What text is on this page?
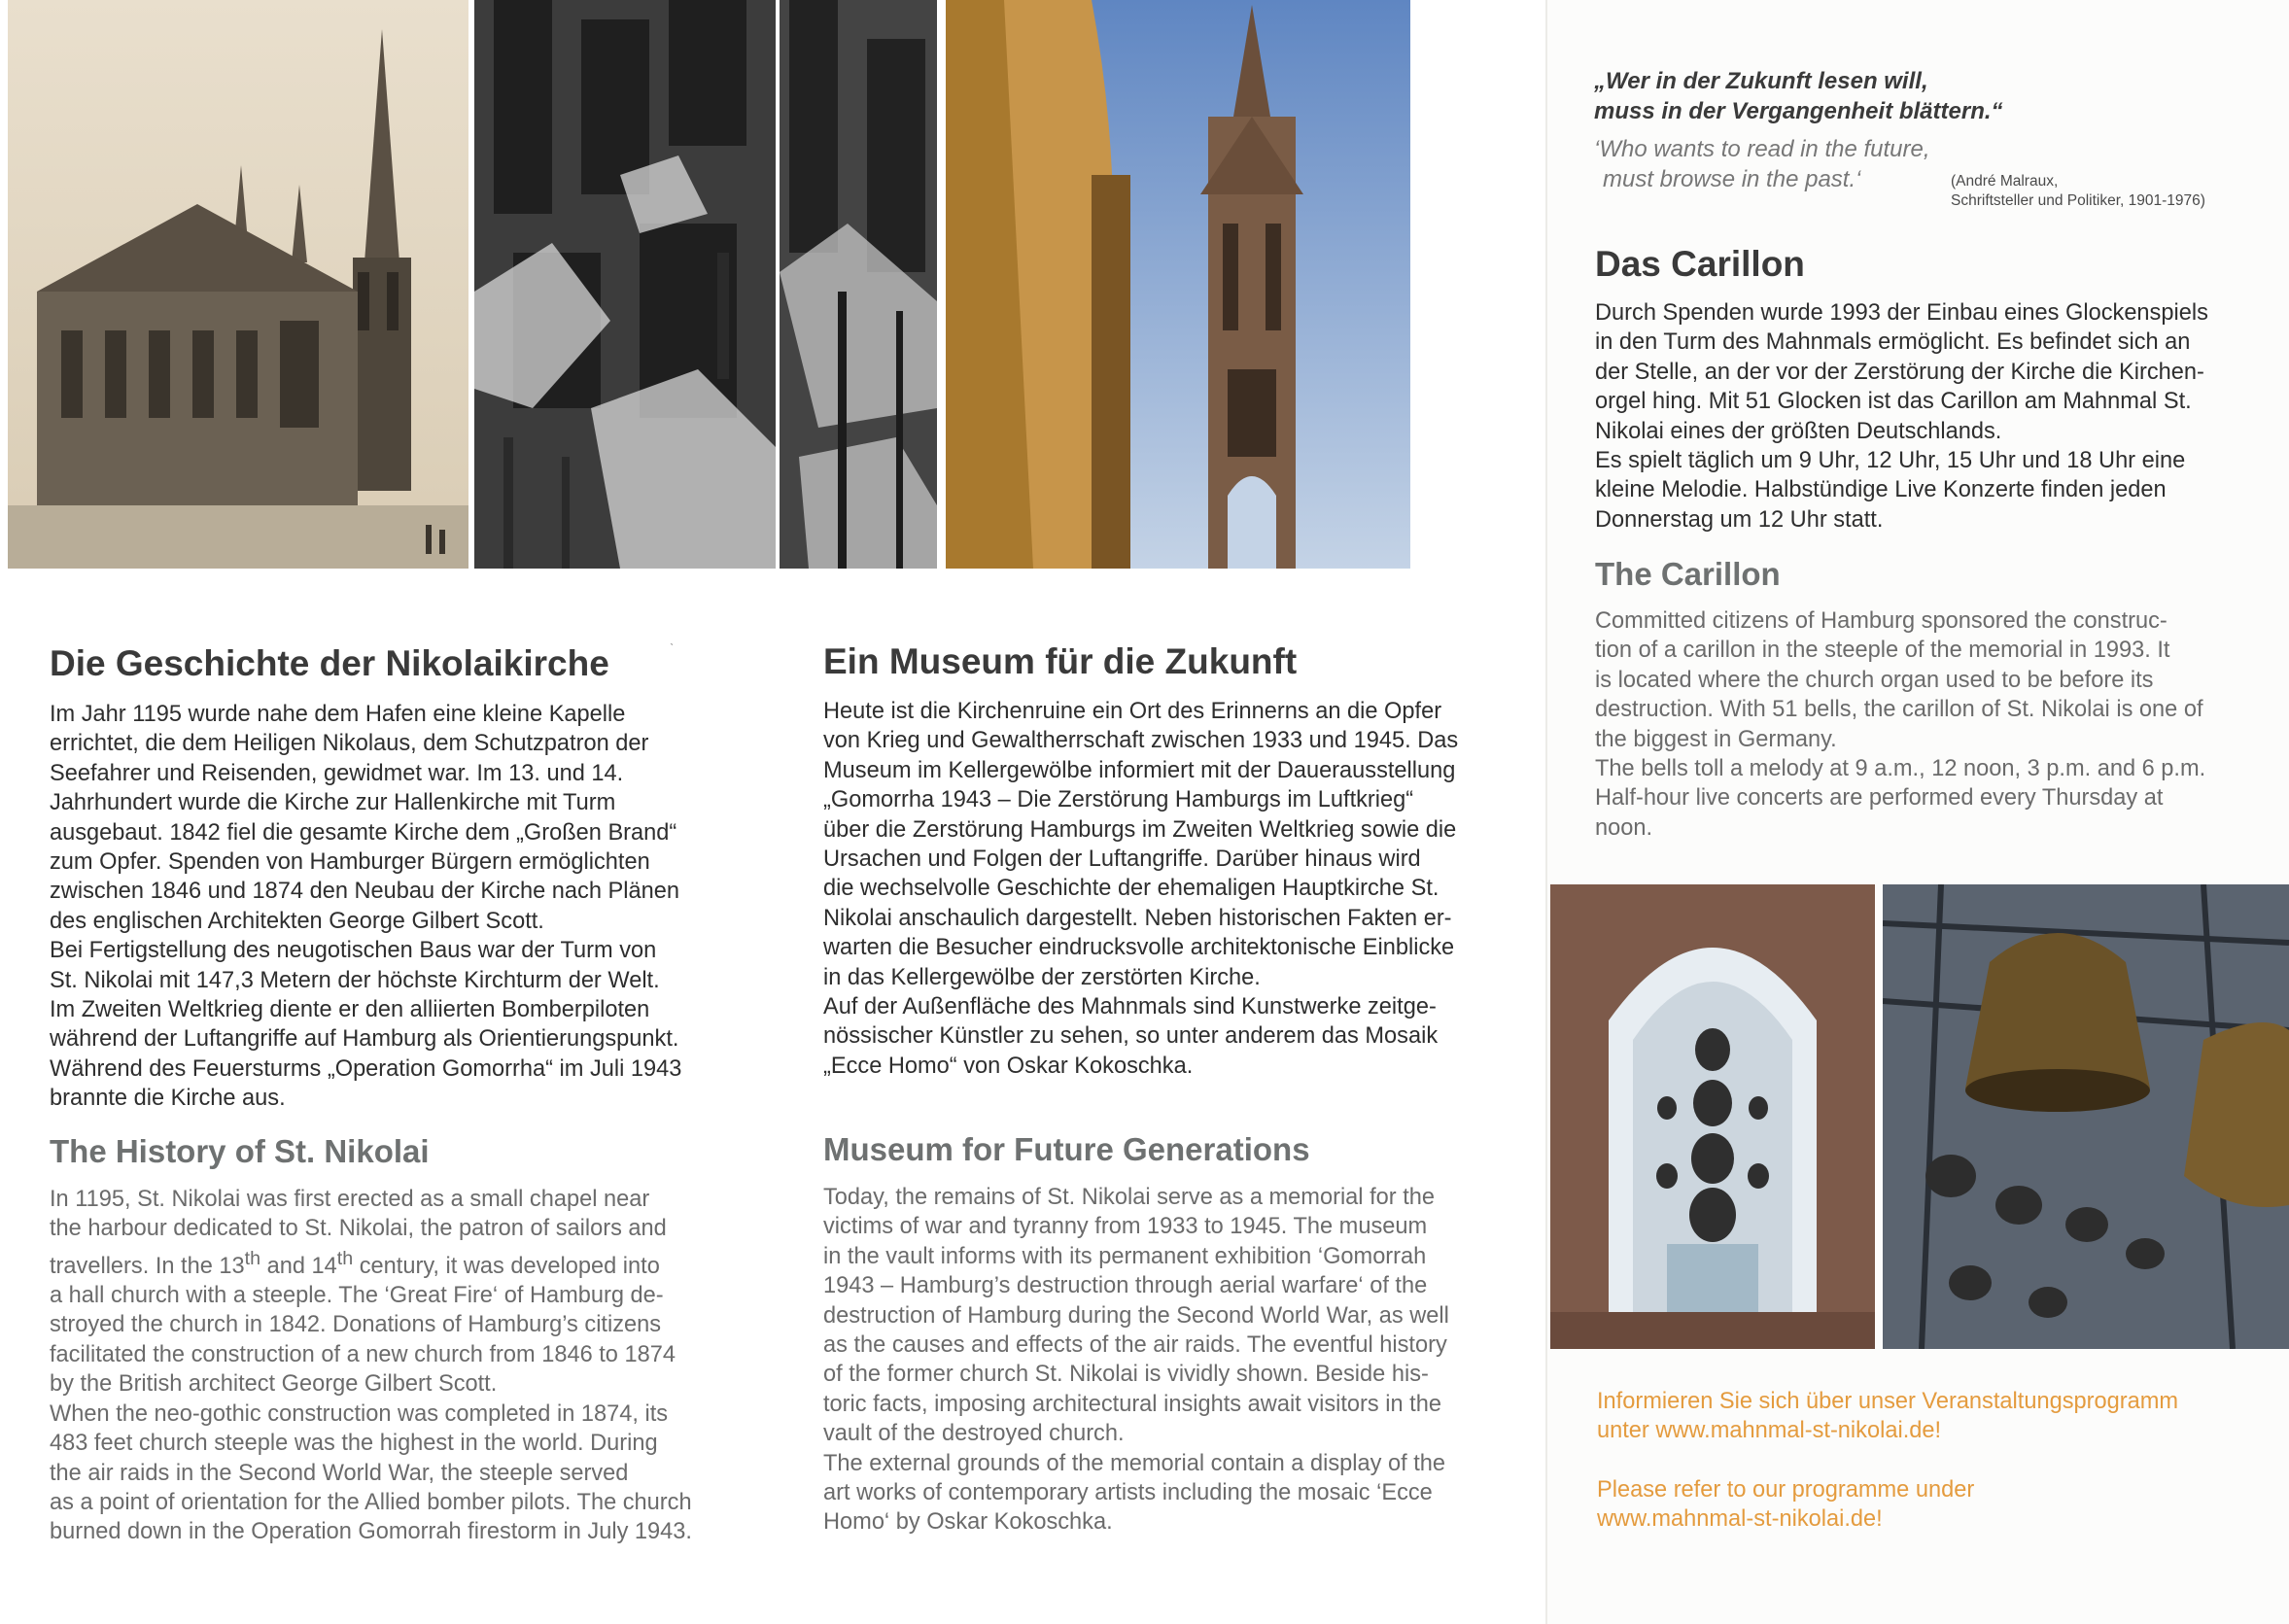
ˎ
„Wer in der Zukunft lesen will,
muss in der Vergangenheit blättern.“
‘Who wants to read in the future,
must browse in the past.‘	(André Malraux,
Schriftsteller und Politiker, 1901-1976)
Die Geschichte der Nikolaikirche

Im Jahr 1195 wurde nahe dem Hafen eine kleine Kapelle

errichtet, die dem Heiligen Nikolaus, dem Schutzpatron der

Seefahrer und Reisenden, gewidmet war. Im 13. und 14.

Jahrhundert wurde die Kirche zur Hallenkirche mit Turm

ausgebaut. 1842 fiel die gesamte Kirche dem „Großen Brand“

zum Opfer. Spenden von Hamburger Bürgern ermöglichten

zwischen 1846 und 1874 den Neubau der Kirche nach Plänen

des englischen Architekten George Gilbert Scott.

Bei Fertigstellung des neugotischen Baus war der Turm von

St. Nikolai mit 147,3 Metern der höchste Kirchturm der Welt.

Im Zweiten Weltkrieg diente er den alliierten Bomberpiloten

während der Luftangriffe auf Hamburg als Orientierungspunkt.

Während des Feuersturms „Operation Gomorrha“ im Juli 1943

brannte die Kirche aus.

The History of St. Nikolai

In 1195, St. Nikolai was first erected as a small chapel near

the harbour dedicated to St. Nikolai, the patron of sailors and

travellers. In the 13th and 14th century, it was developed into

a hall church with a steeple. The ‘Great Fire‘ of Hamburg de-

stroyed the church in 1842. Donations of Hamburg’s citizens

facilitated the construction of a new church from 1846 to 1874

by the British architect George Gilbert Scott.

When the neo-gothic construction was completed in 1874, its

483 feet church steeple was the highest in the world. During

the air raids in the Second World War, the steeple served

as a point of orientation for the Allied bomber pilots. The church

burned down in the Operation Gomorrah firestorm in July 1943.

Ein Museum für die Zukunft

Heute ist die Kirchenruine ein Ort des Erinnerns an die Opfer

von Krieg und Gewaltherrschaft zwischen 1933 und 1945. Das

Museum im Kellergewölbe informiert mit der Dauerausstellung

„Gomorrha 1943 – Die Zerstörung Hamburgs im Luftkrieg“

über die Zerstörung Hamburgs im Zweiten Weltkrieg sowie die

Ursachen und Folgen der Luftangriffe. Darüber hinaus wird

die wechselvolle Geschichte der ehemaligen Hauptkirche St.

Nikolai anschaulich dargestellt. Neben historischen Fakten er-

warten die Besucher eindrucksvolle architektonische Einblicke

in das Kellergewölbe der zerstörten Kirche.

Auf der Außenfläche des Mahnmals sind Kunstwerke zeitge-

nössischer Künstler zu sehen, so unter anderem das Mosaik

„Ecce Homo“ von Oskar Kokoschka.

Museum for Future Generations

Today, the remains of St. Nikolai serve as a memorial for the

victims of war and tyranny from 1933 to 1945. The museum

in the vault informs with its permanent exhibition ‘Gomorrah

1943 – Hamburg’s destruction through aerial warfare‘ of the

destruction of Hamburg during the Second World War, as well

as the causes and effects of the air raids. The eventful history

of the former church St. Nikolai is vividly shown. Beside his-

toric facts, imposing architectural insights await visitors in the

vault of the destroyed church.

The external grounds of the memorial contain a display of the

art works of contemporary artists including the mosaic ‘Ecce

Homo‘ by Oskar Kokoschka.

Das Carillon

Durch Spenden wurde 1993 der Einbau eines Glockenspiels

in den Turm des Mahnmals ermöglicht. Es befindet sich an

der Stelle, an der vor der Zerstörung der Kirche die Kirchen-

orgel hing. Mit 51 Glocken ist das Carillon am Mahnmal St.

Nikolai eines der größten Deutschlands.

Es spielt täglich um 9 Uhr, 12 Uhr, 15 Uhr und 18 Uhr eine

kleine Melodie. Halbstündige Live Konzerte finden jeden

Donnerstag um 12 Uhr statt.

The Carillon

Committed citizens of Hamburg sponsored the construc-

tion of a carillon in the steeple of the memorial in 1993. It

is located where the church organ used to be before its

destruction. With 51 bells, the carillon of St. Nikolai is one of

the biggest in Germany.

The bells toll a melody at 9 a.m., 12 noon, 3 p.m. and 6 p.m.

Half-hour live concerts are performed every Thursday at

noon.

Informieren Sie sich über unser Veranstaltungsprogramm

unter www.mahnmal-st-nikolai.de!

Please refer to our programme under

www.mahnmal-st-nikolai.de!
